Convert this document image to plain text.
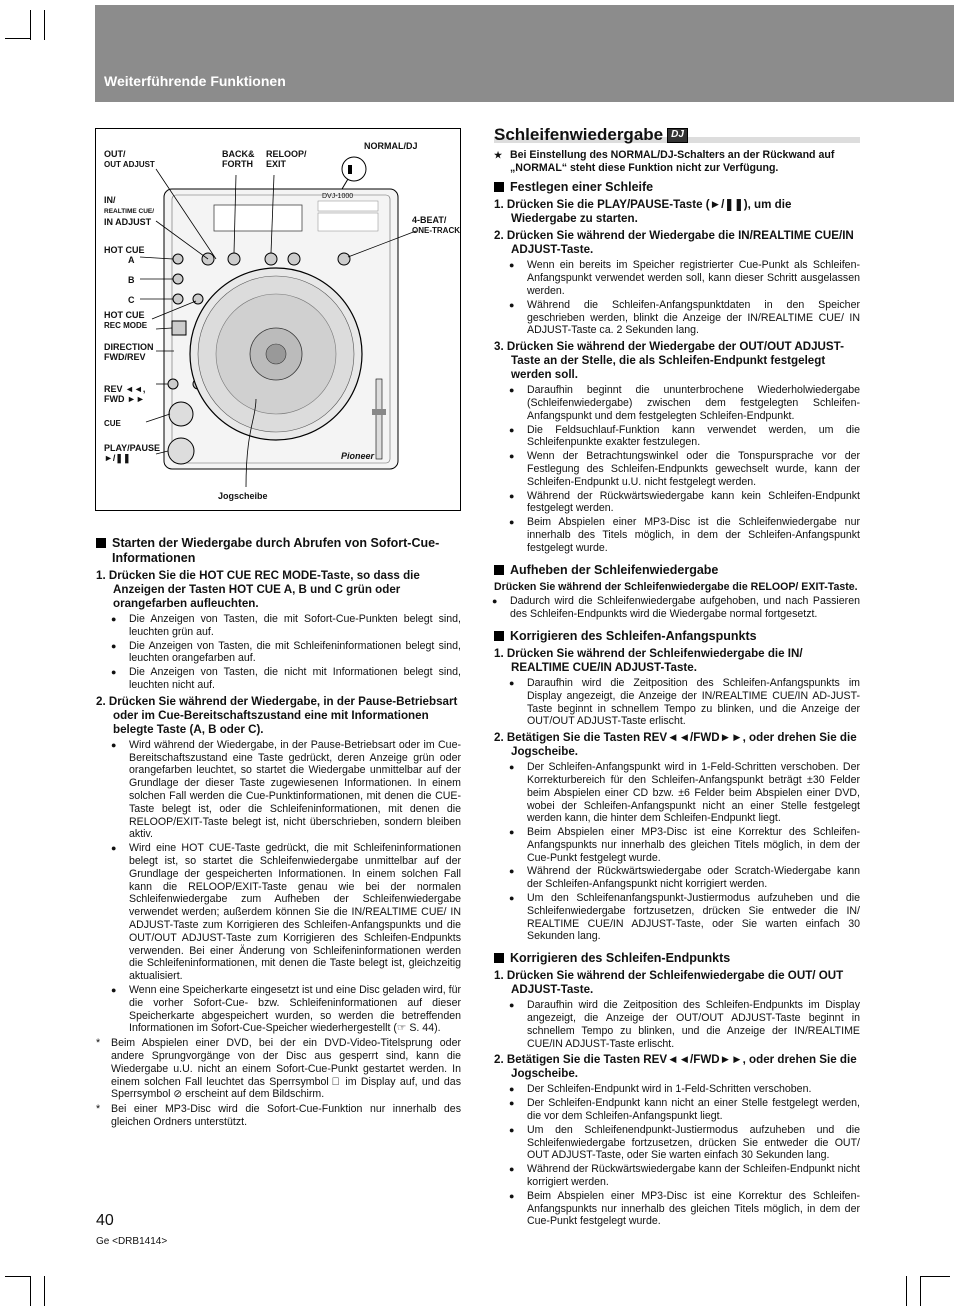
Weiterführende Funktionen
OUT/
OUT ADJUST
IN/
REALTIME CUE/
IN ADJUST
BACK& FORTH
RELOOP/ EXIT
NORMAL/DJ
4-BEAT/
ONE-TRACK
HOT CUE
A
B
C
HOT CUE
REC MODE
DIRECTION
FWD/REV
REV ◄◄,
FWD ►►
CUE
PLAY/PAUSE
►/❚❚
Jogscheibe
DVJ-1000
Pioneer
Starten der Wiedergabe durch Abrufen von Sofort-Cue-Informationen
1. Drücken Sie die HOT CUE REC MODE-Taste, so dass die Anzeigen der Tasten HOT CUE A, B und C grün oder orangefarben aufleuchten.
● Die Anzeigen von Tasten, die mit Sofort-Cue-Punkten belegt sind, leuchten grün auf.
● Die Anzeigen von Tasten, die mit Schleifeninformationen belegt sind, leuchten orangefarben auf.
● Die Anzeigen von Tasten, die nicht mit Informationen belegt sind, leuchten nicht auf.
2. Drücken Sie während der Wiedergabe, in der Pause-Betriebsart oder im Cue-Bereitschaftszustand eine mit Informationen belegte Taste (A, B oder C).
● Wird während der Wiedergabe, in der Pause-Betriebsart oder im Cue-Bereitschaftszustand eine Taste gedrückt, deren Anzeige grün oder orangefarben leuchtet, so startet die Wiedergabe unmittelbar auf der Grundlage der dieser Taste zugewiesenen Informationen. In einem solchen Fall werden die Cue-Punktinformationen, mit denen die CUE-Taste belegt ist, oder die Schleifeninformationen, mit denen die RELOOP/EXIT-Taste belegt ist, nicht überschrieben, sondern bleiben aktiv.
● Wird eine HOT CUE-Taste gedrückt, die mit Schleifeninformationen belegt ist, so startet die Schleifenwiedergabe unmittelbar auf der Grundlage der gespeicherten Informationen. In einem solchen Fall kann die RELOOP/EXIT-Taste genau wie bei der normalen Schleifenwiedergabe zum Aufheben der Schleifenwiedergabe verwendet werden; außerdem können Sie die IN/REALTIME CUE/ IN ADJUST-Taste zum Korrigieren des Schleifen-Anfangspunkts und die OUT/OUT ADJUST-Taste zum Korrigieren des Schleifen-Endpunkts verwenden. Bei einer Änderung von Schleifeninformationen werden die Schleifeninformationen, mit denen die Taste belegt ist, gleichzeitig aktualisiert.
● Wenn eine Speicherkarte eingesetzt ist und eine Disc geladen wird, für die vorher Sofort-Cue- bzw. Schleifeninformationen auf dieser Speicherkarte abgespeichert wurden, so werden die betreffenden Informationen im Sofort-Cue-Speicher wiederhergestellt (☞ S. 44).
* Beim Abspielen einer DVD, bei der ein DVD-Video-Titelsprung oder andere Sprungvorgänge von der Disc aus gesperrt sind, kann die Wiedergabe u.U. nicht an einem Sofort-Cue-Punkt gestartet werden. In einem solchen Fall leuchtet das Sperrsymbol ⃠ im Display auf, und das Sperrsymbol ⊘ erscheint auf dem Bildschirm.
* Bei einer MP3-Disc wird die Sofort-Cue-Funktion nur innerhalb des gleichen Ordners unterstützt.
Schleifenwiedergabe DJ
★ Bei Einstellung des NORMAL/DJ-Schalters an der Rückwand auf „NORMAL“ steht diese Funktion nicht zur Verfügung.
Festlegen einer Schleife
1. Drücken Sie die PLAY/PAUSE-Taste (►/❚❚), um die Wiedergabe zu starten.
2. Drücken Sie während der Wiedergabe die IN/REALTIME CUE/IN ADJUST-Taste.
● Wenn ein bereits im Speicher registrierter Cue-Punkt als Schleifen-Anfangspunkt verwendet werden soll, kann dieser Schritt ausgelassen werden.
● Während die Schleifen-Anfangspunktdaten in den Speicher geschrieben werden, blinkt die Anzeige der IN/REALTIME CUE/ IN ADJUST-Taste ca. 2 Sekunden lang.
3. Drücken Sie während der Wiedergabe der OUT/OUT ADJUST-Taste an der Stelle, die als Schleifen-Endpunkt festgelegt werden soll.
● Daraufhin beginnt die ununterbrochene Wiederholwiedergabe (Schleifenwiedergabe) zwischen dem festgelegten Schleifen-Anfangspunkt und dem festgelegten Schleifen-Endpunkt.
● Die Feldsuchlauf-Funktion kann verwendet werden, um die Schleifenpunkte exakter festzulegen.
● Wenn der Betrachtungswinkel oder die Tonspursprache vor der Festlegung des Schleifen-Endpunkts gewechselt wurde, kann der Schleifen-Endpunkt u.U. nicht festgelegt werden.
● Während der Rückwärtswiedergabe kann kein Schleifen-Endpunkt festgelegt werden.
● Beim Abspielen einer MP3-Disc ist die Schleifenwiedergabe nur innerhalb des Titels möglich, in dem der Schleifen-Anfangspunkt festgelegt wurde.
Aufheben der Schleifenwiedergabe
Drücken Sie während der Schleifenwiedergabe die RELOOP/ EXIT-Taste.
● Dadurch wird die Schleifenwiedergabe aufgehoben, und nach Passieren des Schleifen-Endpunkts wird die Wiedergabe normal fortgesetzt.
Korrigieren des Schleifen-Anfangspunkts
1. Drücken Sie während der Schleifenwiedergabe die IN/ REALTIME CUE/IN ADJUST-Taste.
● Daraufhin wird die Zeitposition des Schleifen-Anfangspunkts im Display angezeigt, die Anzeige der IN/REALTIME CUE/IN AD-JUST-Taste beginnt in schnellem Tempo zu blinken, und die Anzeige der OUT/OUT ADJUST-Taste erlischt.
2. Betätigen Sie die Tasten REV◄◄/FWD►►, oder drehen Sie die Jogscheibe.
● Der Schleifen-Anfangspunkt wird in 1-Feld-Schritten verschoben. Der Korrekturbereich für den Schleifen-Anfangspunkt beträgt ±30 Felder beim Abspielen einer CD bzw. ±6 Felder beim Abspielen einer DVD, wobei der Schleifen-Anfangspunkt nicht an einer Stelle festgelegt werden kann, die hinter dem Schleifen-Endpunkt liegt.
● Beim Abspielen einer MP3-Disc ist eine Korrektur des Schleifen-Anfangspunkts nur innerhalb des gleichen Titels möglich, in dem der Cue-Punkt festgelegt wurde.
● Während der Rückwärtswiedergabe oder Scratch-Wiedergabe kann der Schleifen-Anfangspunkt nicht korrigiert werden.
● Um den Schleifenanfangspunkt-Justiermodus aufzuheben und die Schleifenwiedergabe fortzusetzen, drücken Sie entweder die IN/ REALTIME CUE/IN ADJUST-Taste, oder Sie warten einfach 30 Sekunden lang.
Korrigieren des Schleifen-Endpunkts
1. Drücken Sie während der Schleifenwiedergabe die OUT/ OUT ADJUST-Taste.
● Daraufhin wird die Zeitposition des Schleifen-Endpunkts im Display angezeigt, die Anzeige der OUT/OUT ADJUST-Taste beginnt in schnellem Tempo zu blinken, und die Anzeige der IN/REALTIME CUE/IN ADJUST-Taste erlischt.
2. Betätigen Sie die Tasten REV◄◄/FWD►►, oder drehen Sie die Jogscheibe.
● Der Schleifen-Endpunkt wird in 1-Feld-Schritten verschoben.
● Der Schleifen-Endpunkt kann nicht an einer Stelle festgelegt werden, die vor dem Schleifen-Anfangspunkt liegt.
● Um den Schleifenendpunkt-Justiermodus aufzuheben und die Schleifenwiedergabe fortzusetzen, drücken Sie entweder die OUT/ OUT ADJUST-Taste, oder Sie warten einfach 30 Sekunden lang.
● Während der Rückwärtswiedergabe kann der Schleifen-Endpunkt nicht korrigiert werden.
● Beim Abspielen einer MP3-Disc ist eine Korrektur des Schleifen-Anfangspunkts nur innerhalb des gleichen Titels möglich, in dem der Cue-Punkt festgelegt wurde.
40
Ge <DRB1414>
